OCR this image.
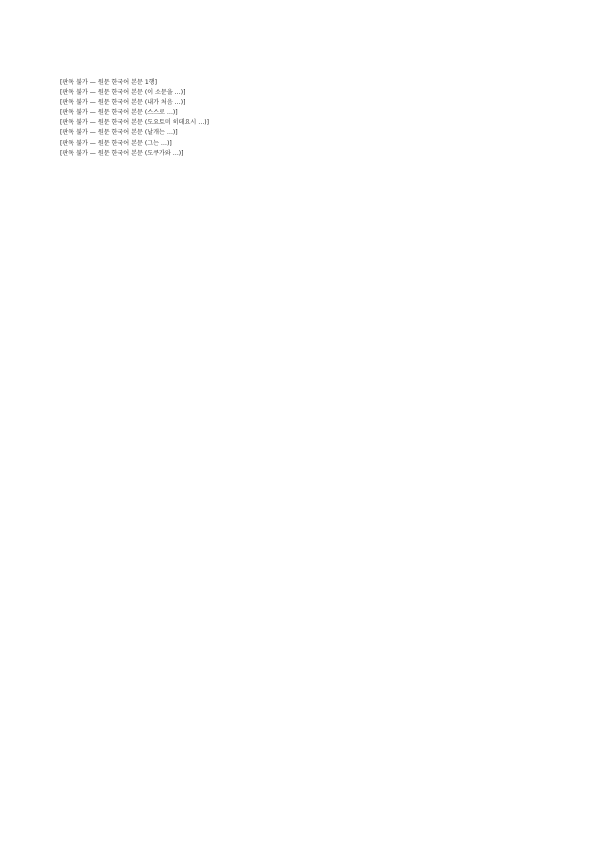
[판독 불가 — 원문 한국어 본문 1행]

[판독 불가 — 원문 한국어 본문 (이 소문을 …)]

[판독 불가 — 원문 한국어 본문 (내가 처음 …)]

[판독 불가 — 원문 한국어 본문 (스스로 …)]

[판독 불가 — 원문 한국어 본문 (도요토미 히데요시 …)]

[판독 불가 — 원문 한국어 본문 (날개는 …)]

[판독 불가 — 원문 한국어 본문 (그는 …)]

[판독 불가 — 원문 한국어 본문 (도쿠가와 …)]
